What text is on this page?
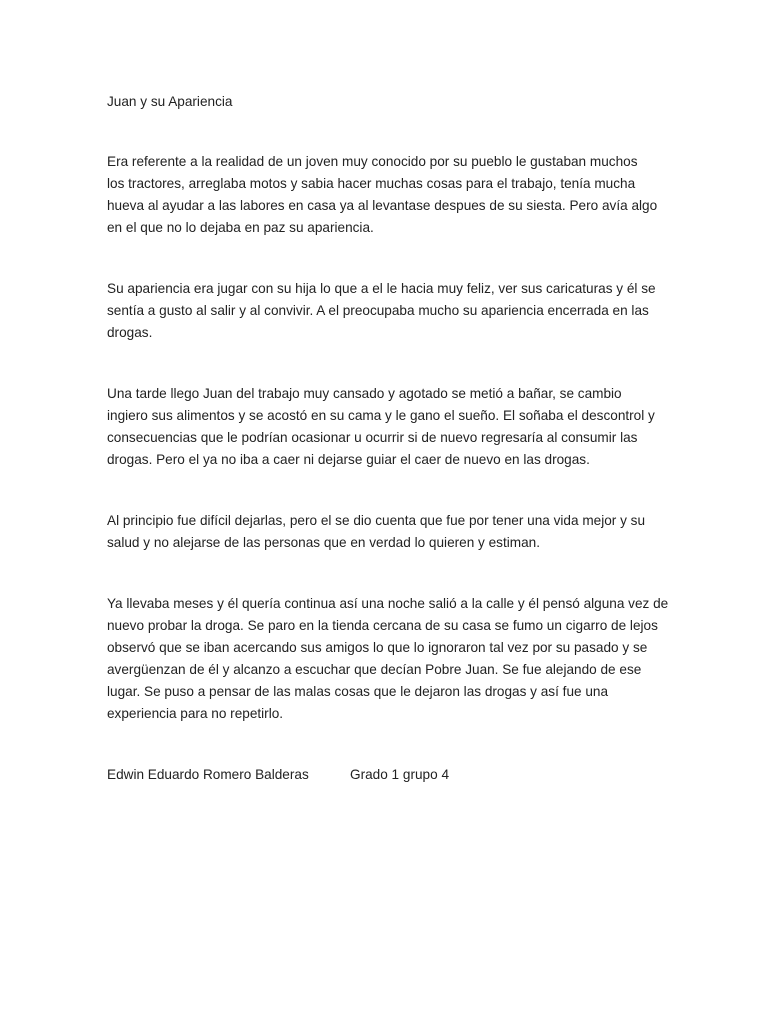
Juan y su Apariencia
Era referente a la realidad de un joven muy conocido por su pueblo le gustaban muchos
los tractores, arreglaba motos y sabia hacer muchas cosas para el trabajo, tenía mucha
hueva al ayudar a las labores en casa ya al levantase despues de su siesta. Pero avía algo
en el que no lo dejaba en paz su apariencia.
Su apariencia era jugar con su hija lo que a el le hacia muy feliz, ver sus caricaturas y él se
sentía a gusto al salir y al convivir. A el preocupaba mucho su apariencia encerrada en las
drogas.
Una tarde llego Juan del trabajo muy cansado y agotado se metió a bañar, se cambio
ingiero sus alimentos y se acostó en su cama y le gano el sueño. El soñaba el descontrol y
consecuencias que le podrían ocasionar u ocurrir si de nuevo regresaría al consumir las
drogas. Pero el ya no iba a caer ni dejarse guiar el caer de nuevo en las drogas.
Al principio fue difícil dejarlas, pero el se dio cuenta que fue por tener una vida mejor y su
salud y no alejarse de las personas que en verdad lo quieren y estiman.
Ya llevaba meses y él quería continua así una noche salió a la calle y él pensó alguna vez de
nuevo probar la droga. Se paro en la tienda cercana de su casa se fumo un cigarro de lejos
observó que se iban acercando sus amigos lo que lo ignoraron tal vez por su pasado y se
avergüenzan de él y alcanzo a escuchar que decían Pobre Juan. Se fue alejando de ese
lugar. Se puso a pensar de las malas cosas que le dejaron las drogas y así fue una
experiencia para no repetirlo.
Edwin Eduardo Romero Balderas	Grado 1 grupo 4
